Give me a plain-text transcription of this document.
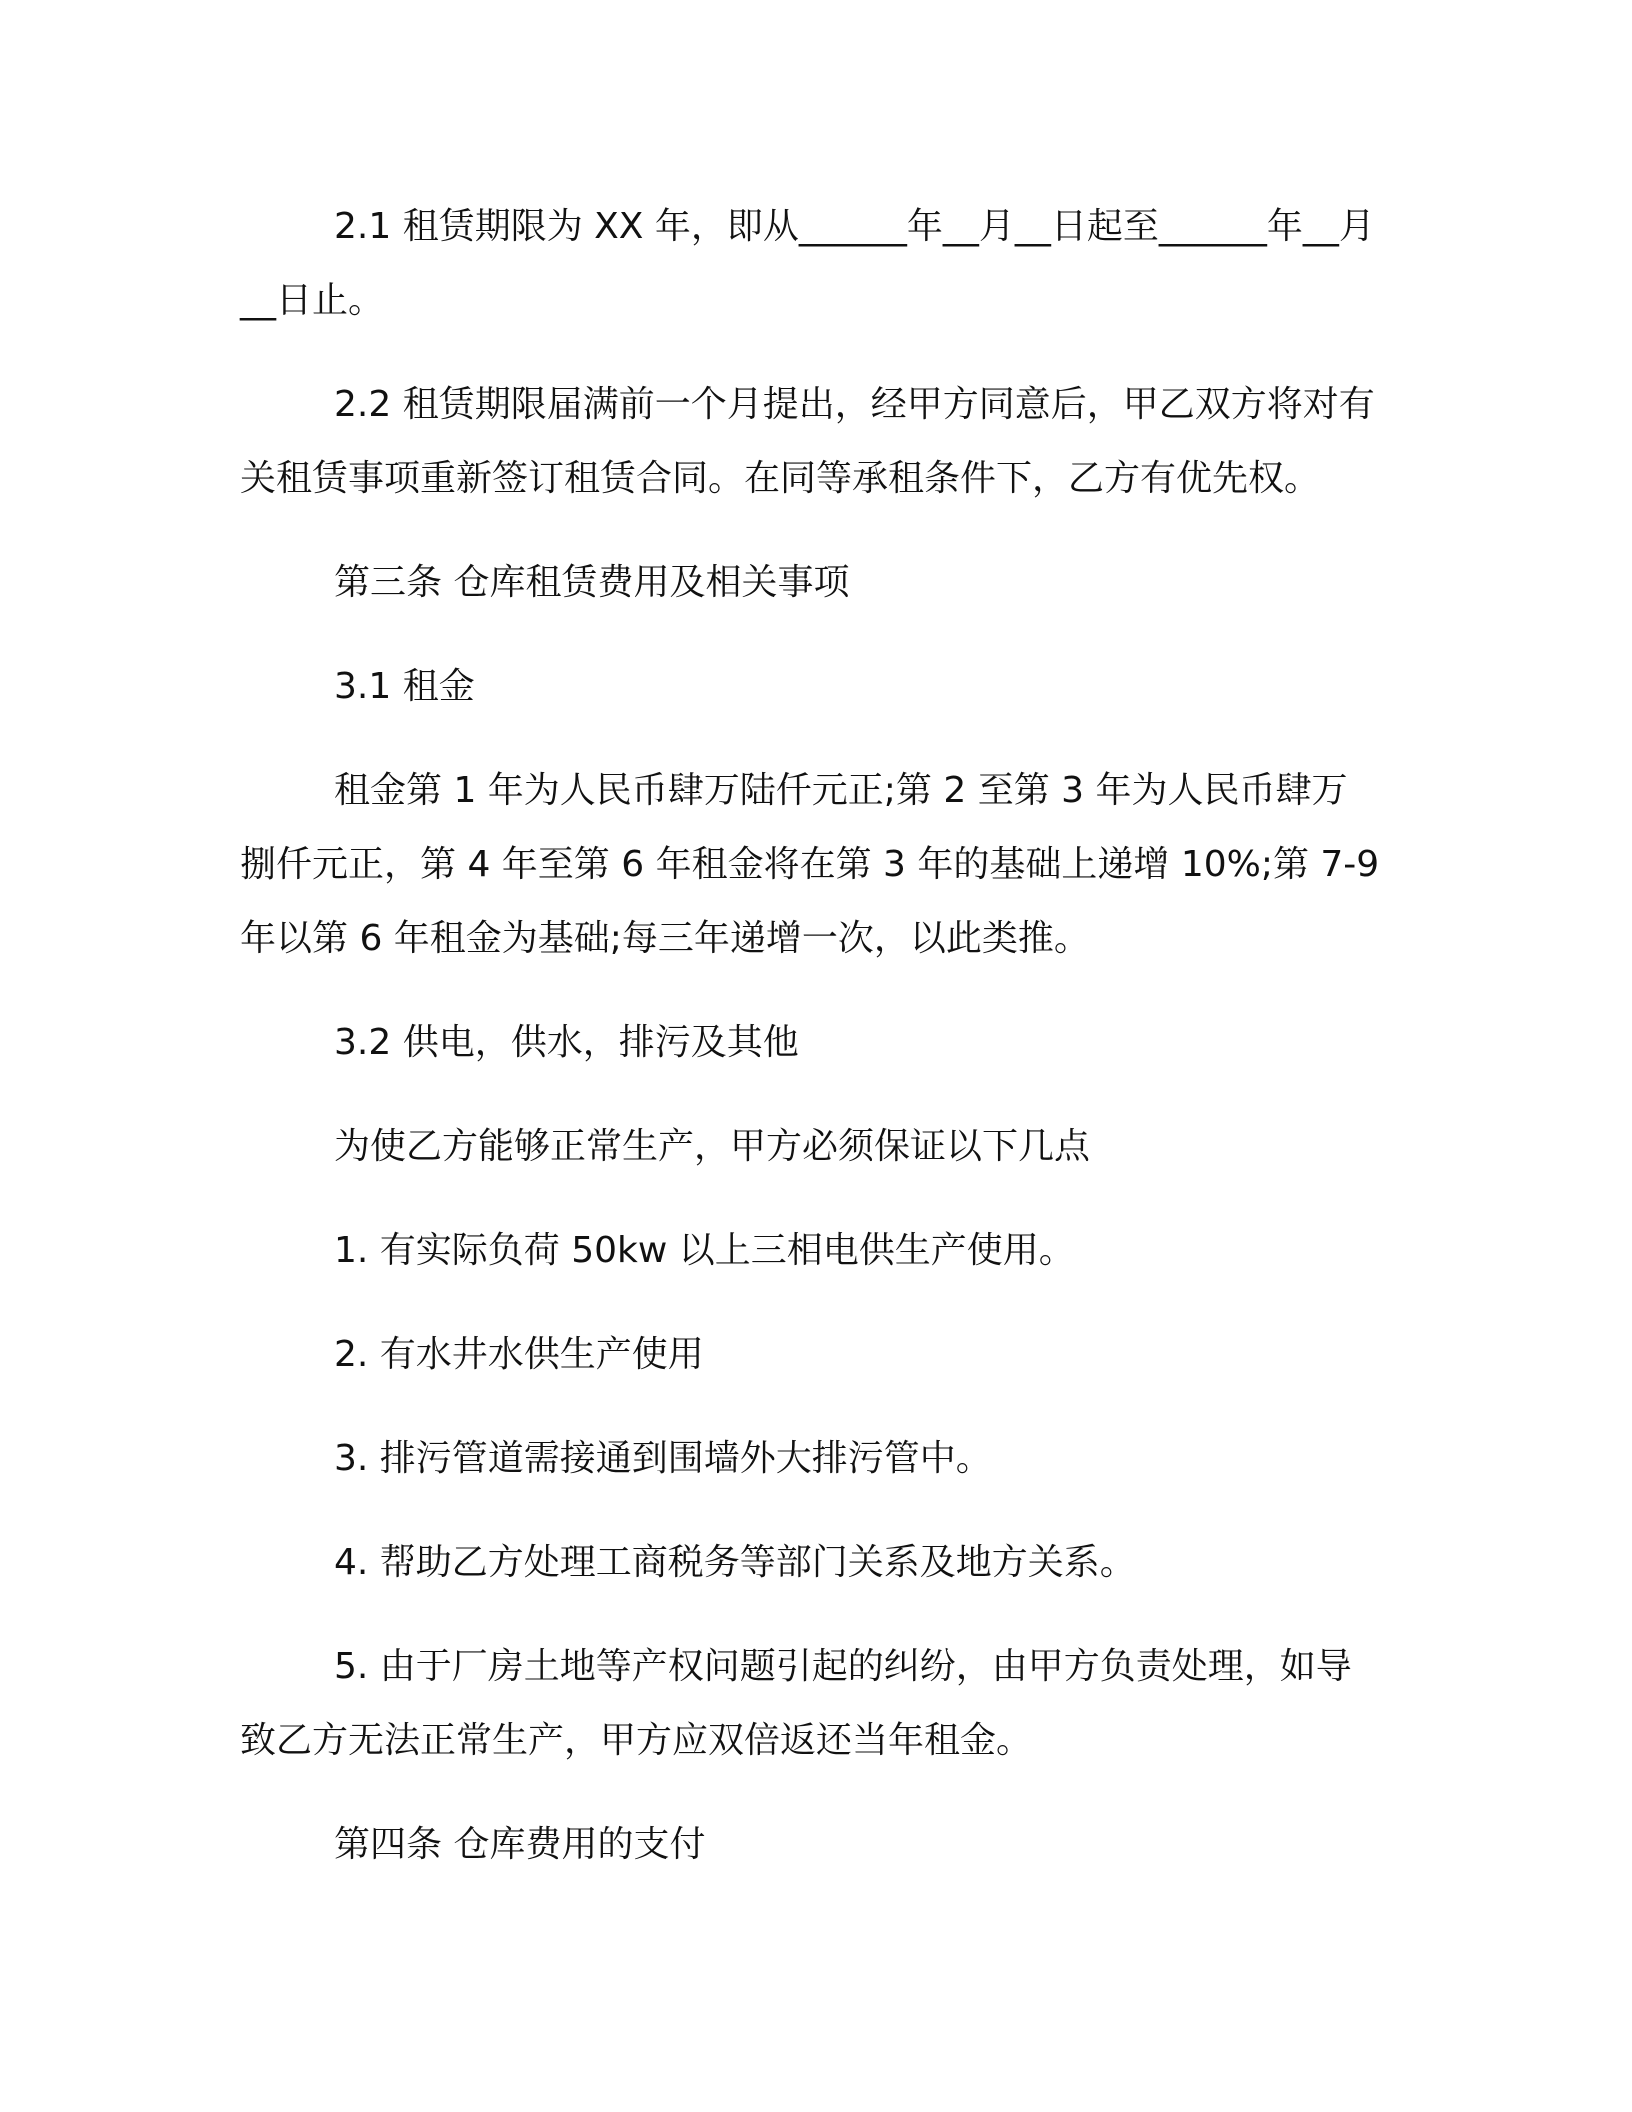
2.1 租赁期限为 XX 年，即从______年__月__日起至______年__月__日止。

2.2 租赁期限届满前一个月提出，经甲方同意后，甲乙双方将对有关租赁事项重新签订租赁合同。在同等承租条件下，乙方有优先权。

第三条 仓库租赁费用及相关事项

3.1 租金

租金第 1 年为人民币肆万陆仟元正;第 2 至第 3 年为人民币肆万捌仟元正，第 4 年至第 6 年租金将在第 3 年的基础上递增 10%;第 7-9 年以第 6 年租金为基础;每三年递增一次，以此类推。

3.2 供电，供水，排污及其他

为使乙方能够正常生产，甲方必须保证以下几点

1. 有实际负荷 50kw 以上三相电供生产使用。

2. 有水井水供生产使用

3. 排污管道需接通到围墙外大排污管中。

4. 帮助乙方处理工商税务等部门关系及地方关系。

5. 由于厂房土地等产权问题引起的纠纷，由甲方负责处理，如导致乙方无法正常生产，甲方应双倍返还当年租金。

第四条 仓库费用的支付
